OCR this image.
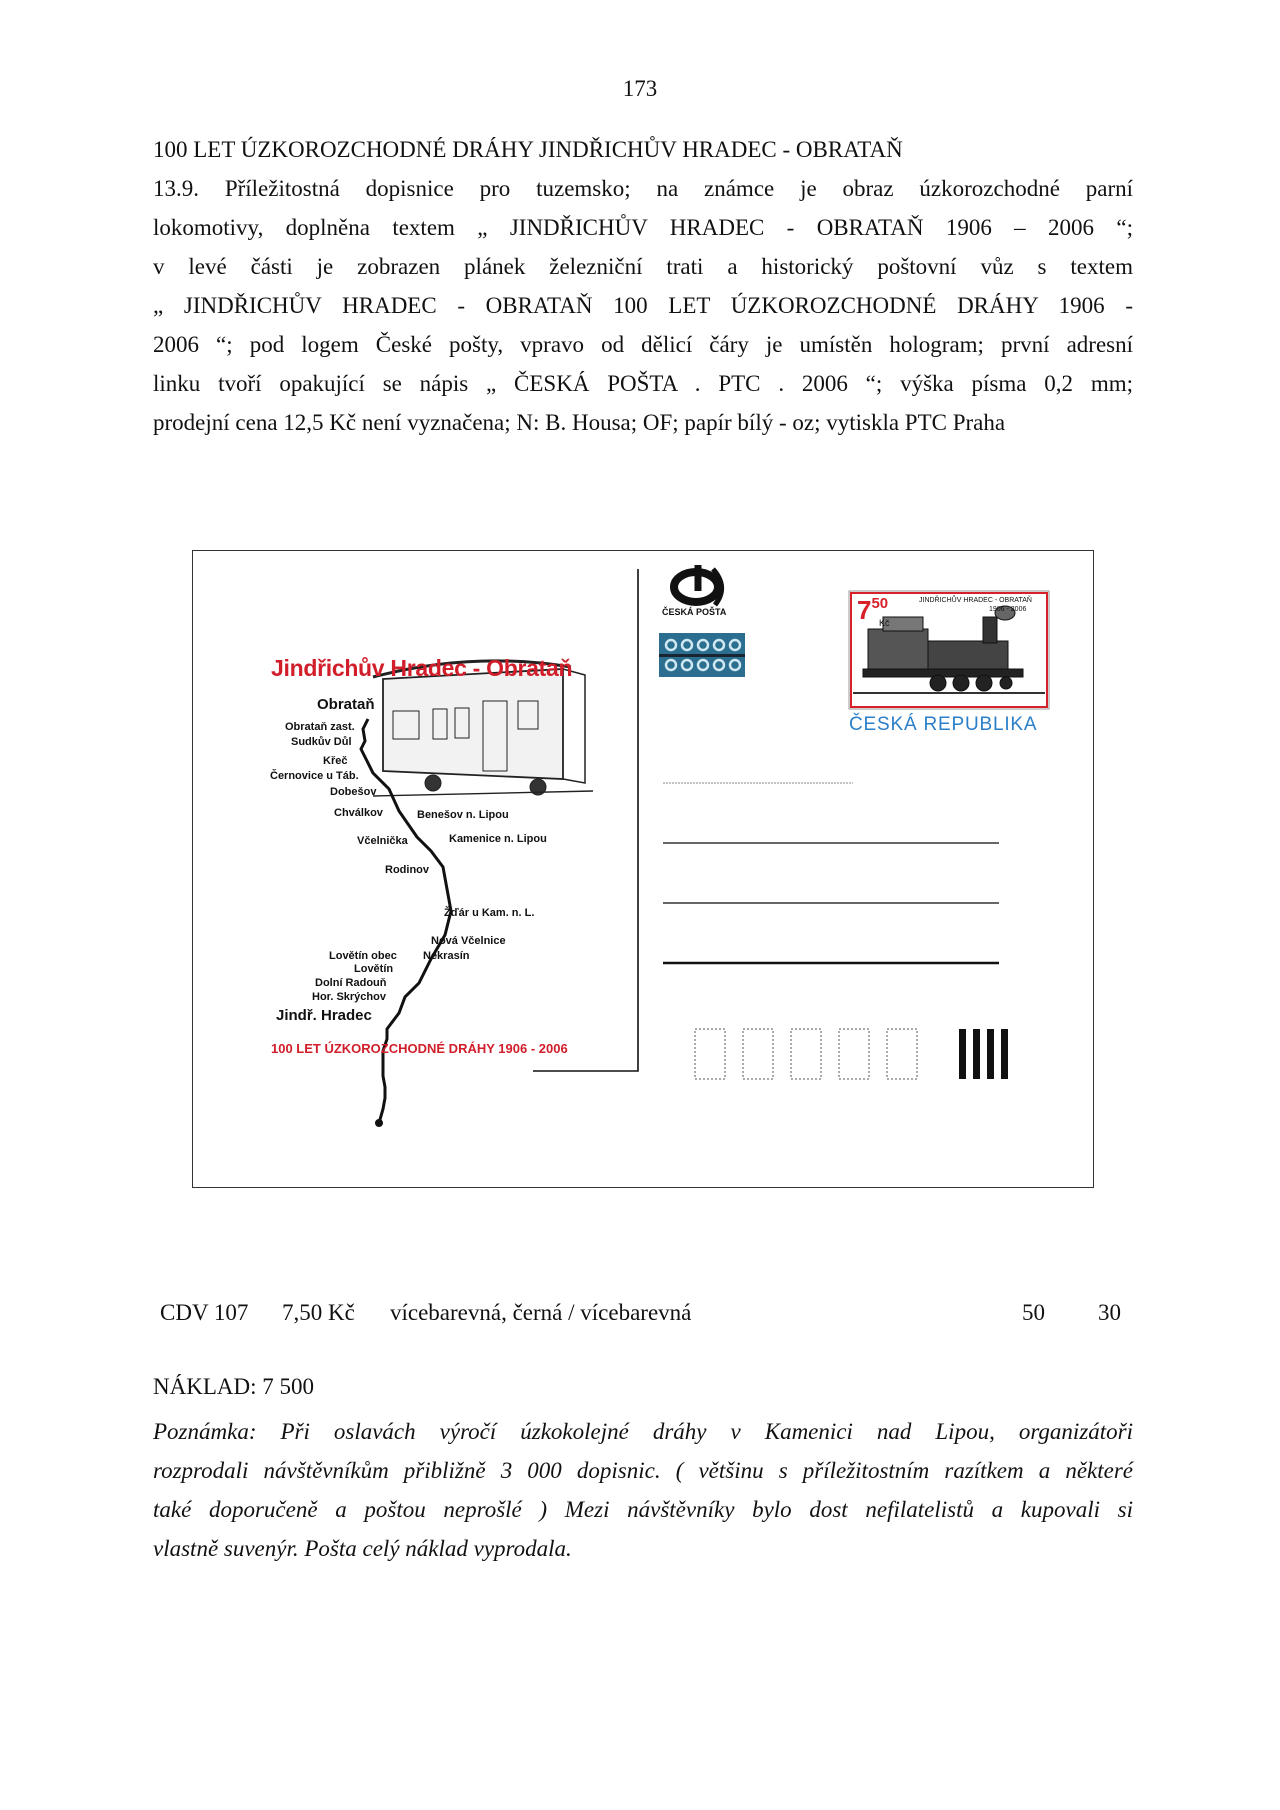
173
100 LET ÚZKOROZCHODNÉ DRÁHY JINDŘICHŮV HRADEC - OBRATAŇ
13.9. Příležitostná dopisnice pro tuzemsko; na známce je obraz úzkorozchodné parní
lokomotivy, doplněna textem „ JINDŘICHŮV HRADEC - OBRATAŇ 1906 – 2006 “;
v levé části je zobrazen plánek železniční trati a historický poštovní vůz s textem
„ JINDŘICHŮV HRADEC - OBRATAŇ 100 LET ÚZKOROZCHODNÉ DRÁHY 1906 -
2006 “; pod logem České pošty, vpravo od dělicí čáry je umístěn hologram; první adresní
linku tvoří opakující se nápis „ ČESKÁ POŠTA . PTC . 2006 “; výška písma 0,2 mm;
prodejní cena 12,5 Kč není vyznačena; N: B. Housa; OF; papír bílý - oz; vytiskla PTC Praha
Jindřichův Hradec - Obrataň
Obrataň
Obrataň zast.
Sudkův Důl
Křeč
Černovice u Táb.
Dobešov
Chválkov	Benešov n. Lipou
Včelnička	Kamenice n. Lipou
Rodinov
Žďár u Kam. n. L.
Nová Včelnice
Lovětín obec Nekrasín
Lovětín
Dolní Radouň
Hor. Skrýchov
Jindř. Hradec
100 LET ÚZKOROZCHODNÉ DRÁHY 1906 - 2006
ČESKÁ POŠTA	750
Kč
JINDŘICHŮV HRADEC - OBRATAŇ
1906 - 2006
ČESKÁ REPUBLIKA
CDV 107 7,50 Kč vícebarevná, černá / vícebarevná	50 30
NÁKLAD: 7 500
Poznámka: Při oslavách výročí úzkokolejné dráhy v Kamenici nad Lipou, organizátoři
rozprodali návštěvníkům přibližně 3 000 dopisnic. ( většinu s příležitostním razítkem a některé
také doporučeně a poštou neprošlé ) Mezi návštěvníky bylo dost nefilatelistů a kupovali si
vlastně suvenýr. Pošta celý náklad vyprodala.
